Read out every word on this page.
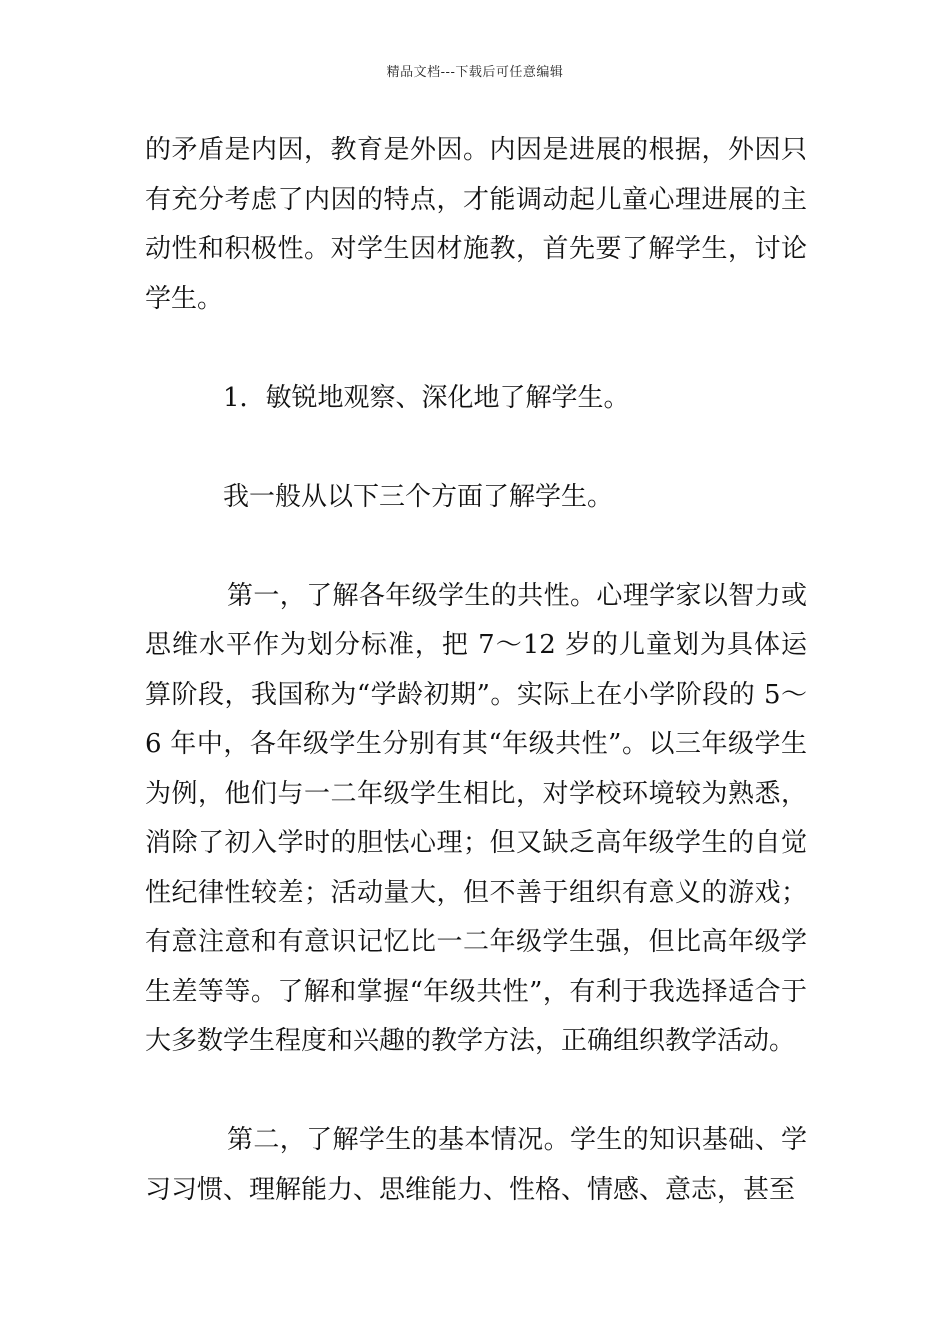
精品文档---下载后可任意编辑

的矛盾是内因，教育是外因。内因是进展的根据，外因只有充分考虑了内因的特点，才能调动起儿童心理进展的主动性和积极性。对学生因材施教，首先要了解学生，讨论学生。

1．敏锐地观察、深化地了解学生。

我一般从以下三个方面了解学生。

第一，了解各年级学生的共性。心理学家以智力或思维水平作为划分标准，把 7～12 岁的儿童划为具体运算阶段，我国称为“学龄初期”。实际上在小学阶段的 5～6 年中，各年级学生分别有其“年级共性”。以三年级学生为例，他们与一二年级学生相比，对学校环境较为熟悉，消除了初入学时的胆怯心理；但又缺乏高年级学生的自觉性纪律性较差；活动量大，但不善于组织有意义的游戏；有意注意和有意识记忆比一二年级学生强，但比高年级学生差等等。了解和掌握“年级共性”，有利于我选择适合于大多数学生程度和兴趣的教学方法，正确组织教学活动。

第二，了解学生的基本情况。学生的知识基础、学习习惯、理解能力、思维能力、性格、情感、意志，甚至
